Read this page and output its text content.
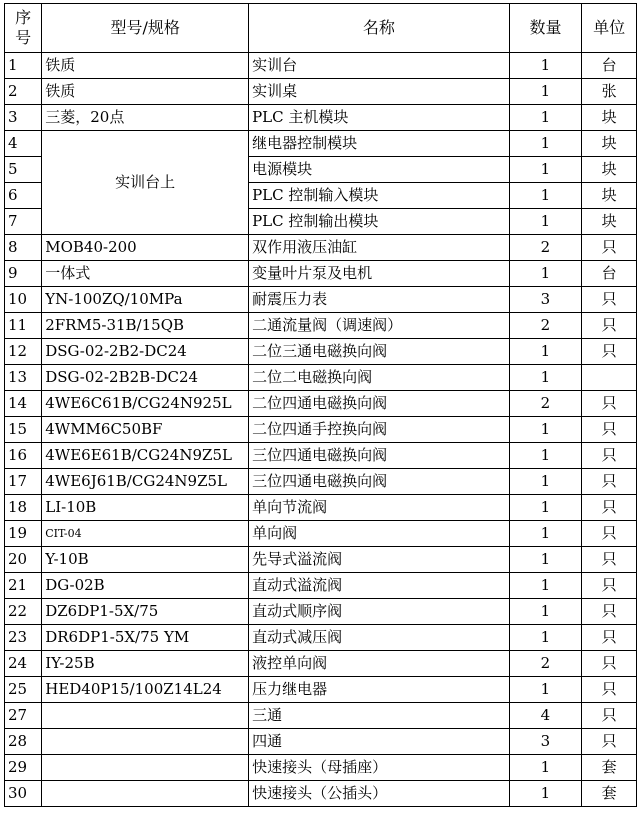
序
号	型号/规格	名称	数量	单位
1	铁质	实训台	1	台
2	铁质	实训桌	1	张
3	三菱，20点	PLC 主机模块	1	块
4	实训台上	继电器控制模块	1	块
5		电源模块	1	块
6		PLC 控制输入模块	1	块
7		PLC 控制输出模块	1	块
8	MOB40-200	双作用液压油缸	2	只
9	一体式	变量叶片泵及电机	1	台
10	YN-100ZQ/10MPa	耐震压力表	3	只
11	2FRM5-31B/15QB	二通流量阀（调速阀）	2	只
12	DSG-02-2B2-DC24	二位三通电磁换向阀	1	只
13	DSG-02-2B2B-DC24	二位二电磁换向阀	1	
14	4WE6C61B/CG24N925L	二位四通电磁换向阀	2	只
15	4WMM6C50BF	二位四通手控换向阀	1	只
16	4WE6E61B/CG24N9Z5L	三位四通电磁换向阀	1	只
17	4WE6J61B/CG24N9Z5L	三位四通电磁换向阀	1	只
18	LI-10B	单向节流阀	1	只
19	CIT-04	单向阀	1	只
20	Y-10B	先导式溢流阀	1	只
21	DG-02B	直动式溢流阀	1	只
22	DZ6DP1-5X/75	直动式顺序阀	1	只
23	DR6DP1-5X/75 YM	直动式减压阀	1	只
24	IY-25B	液控单向阀	2	只
25	HED40P15/100Z14L24	压力继电器	1	只
27		三通	4	只
28		四通	3	只
29		快速接头（母插座）	1	套
30		快速接头（公插头）	1	套
